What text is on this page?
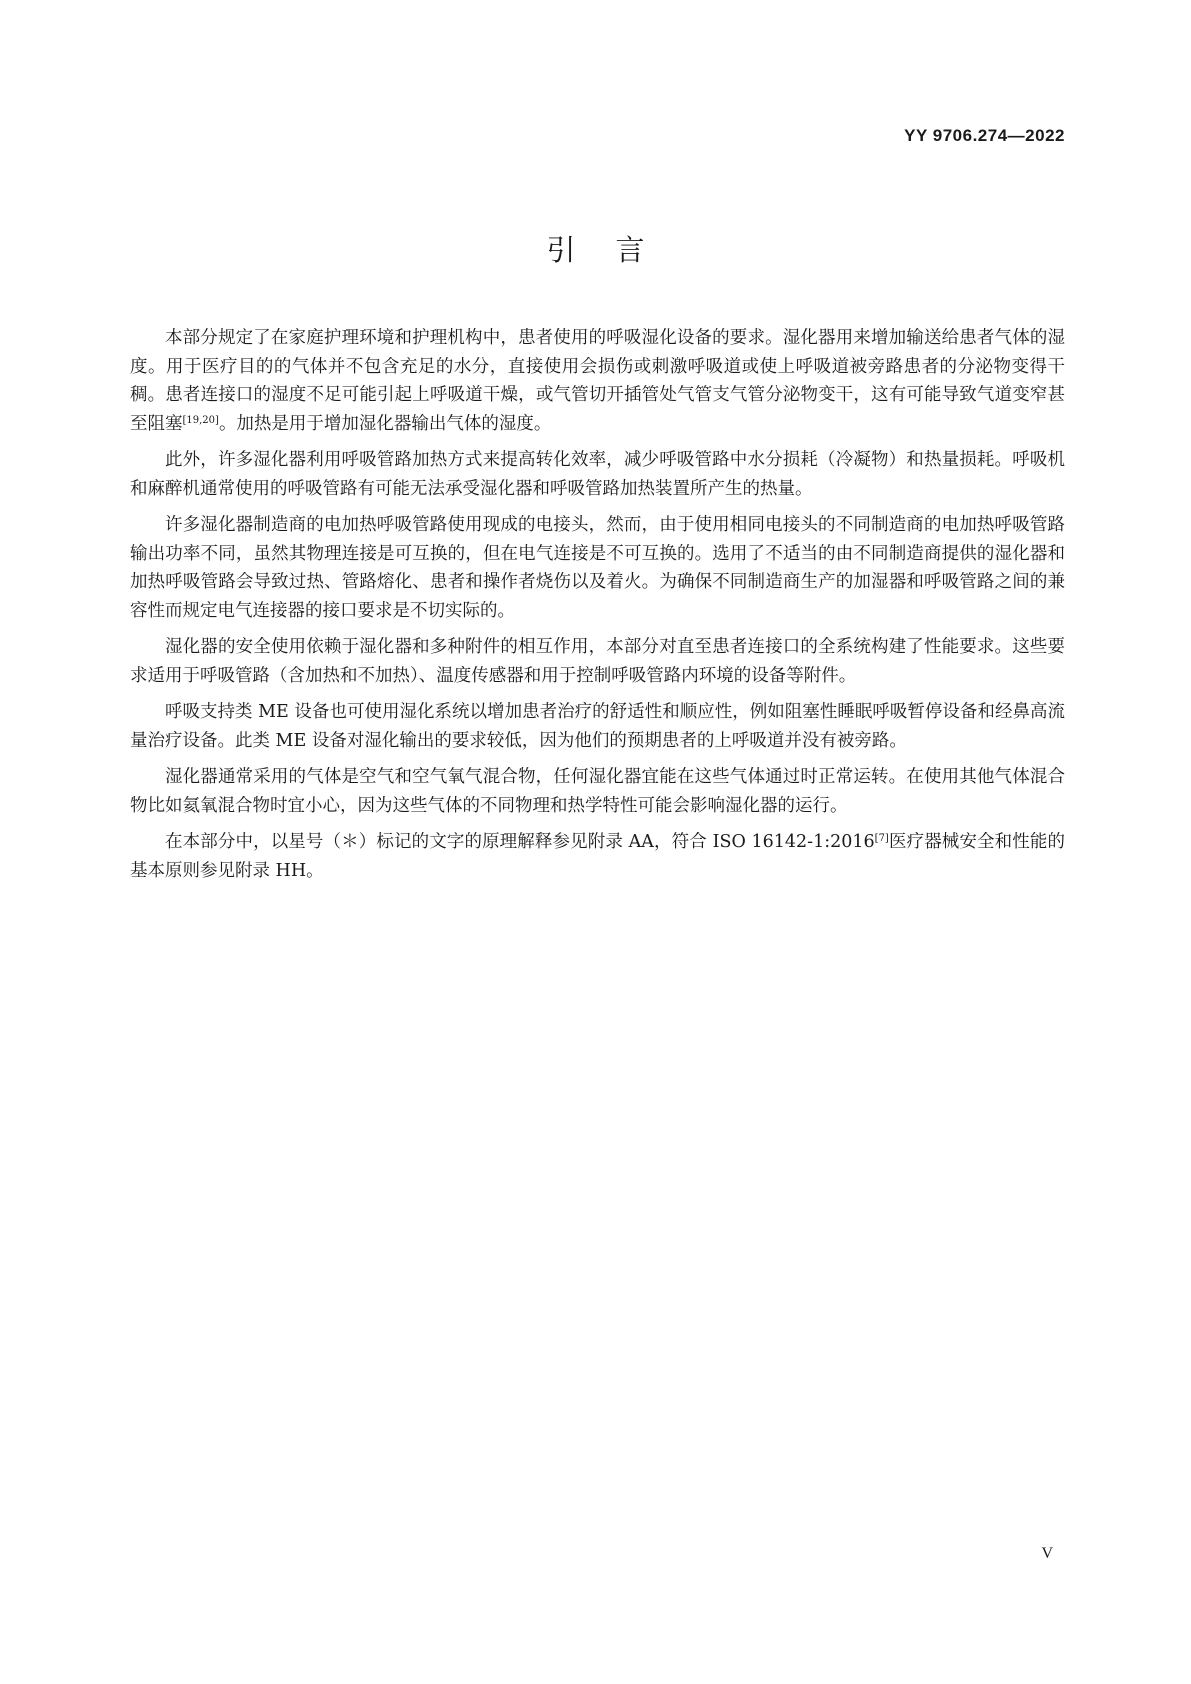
YY 9706.274—2022
引言

本部分规定了在家庭护理环境和护理机构中，患者使用的呼吸湿化设备的要求。湿化器用来增加输送给患者气体的湿度。用于医疗目的的气体并不包含充足的水分，直接使用会损伤或刺激呼吸道或使上呼吸道被旁路患者的分泌物变得干稠。患者连接口的湿度不足可能引起上呼吸道干燥，或气管切开插管处气管支气管分泌物变干，这有可能导致气道变窄甚至阻塞[19,20]。加热是用于增加湿化器输出气体的湿度。

此外，许多湿化器利用呼吸管路加热方式来提高转化效率，减少呼吸管路中水分损耗（冷凝物）和热量损耗。呼吸机和麻醉机通常使用的呼吸管路有可能无法承受湿化器和呼吸管路加热装置所产生的热量。

许多湿化器制造商的电加热呼吸管路使用现成的电接头，然而，由于使用相同电接头的不同制造商的电加热呼吸管路输出功率不同，虽然其物理连接是可互换的，但在电气连接是不可互换的。选用了不适当的由不同制造商提供的湿化器和加热呼吸管路会导致过热、管路熔化、患者和操作者烧伤以及着火。为确保不同制造商生产的加湿器和呼吸管路之间的兼容性而规定电气连接器的接口要求是不切实际的。

湿化器的安全使用依赖于湿化器和多种附件的相互作用，本部分对直至患者连接口的全系统构建了性能要求。这些要求适用于呼吸管路（含加热和不加热）、温度传感器和用于控制呼吸管路内环境的设备等附件。

呼吸支持类 ME 设备也可使用湿化系统以增加患者治疗的舒适性和顺应性，例如阻塞性睡眠呼吸暂停设备和经鼻高流量治疗设备。此类 ME 设备对湿化输出的要求较低，因为他们的预期患者的上呼吸道并没有被旁路。

湿化器通常采用的气体是空气和空气氧气混合物，任何湿化器宜能在这些气体通过时正常运转。在使用其他气体混合物比如氦氧混合物时宜小心，因为这些气体的不同物理和热学特性可能会影响湿化器的运行。

在本部分中，以星号（＊）标记的文字的原理解释参见附录 AA，符合 ISO 16142-1:2016[7]医疗器械安全和性能的基本原则参见附录 HH。

V
